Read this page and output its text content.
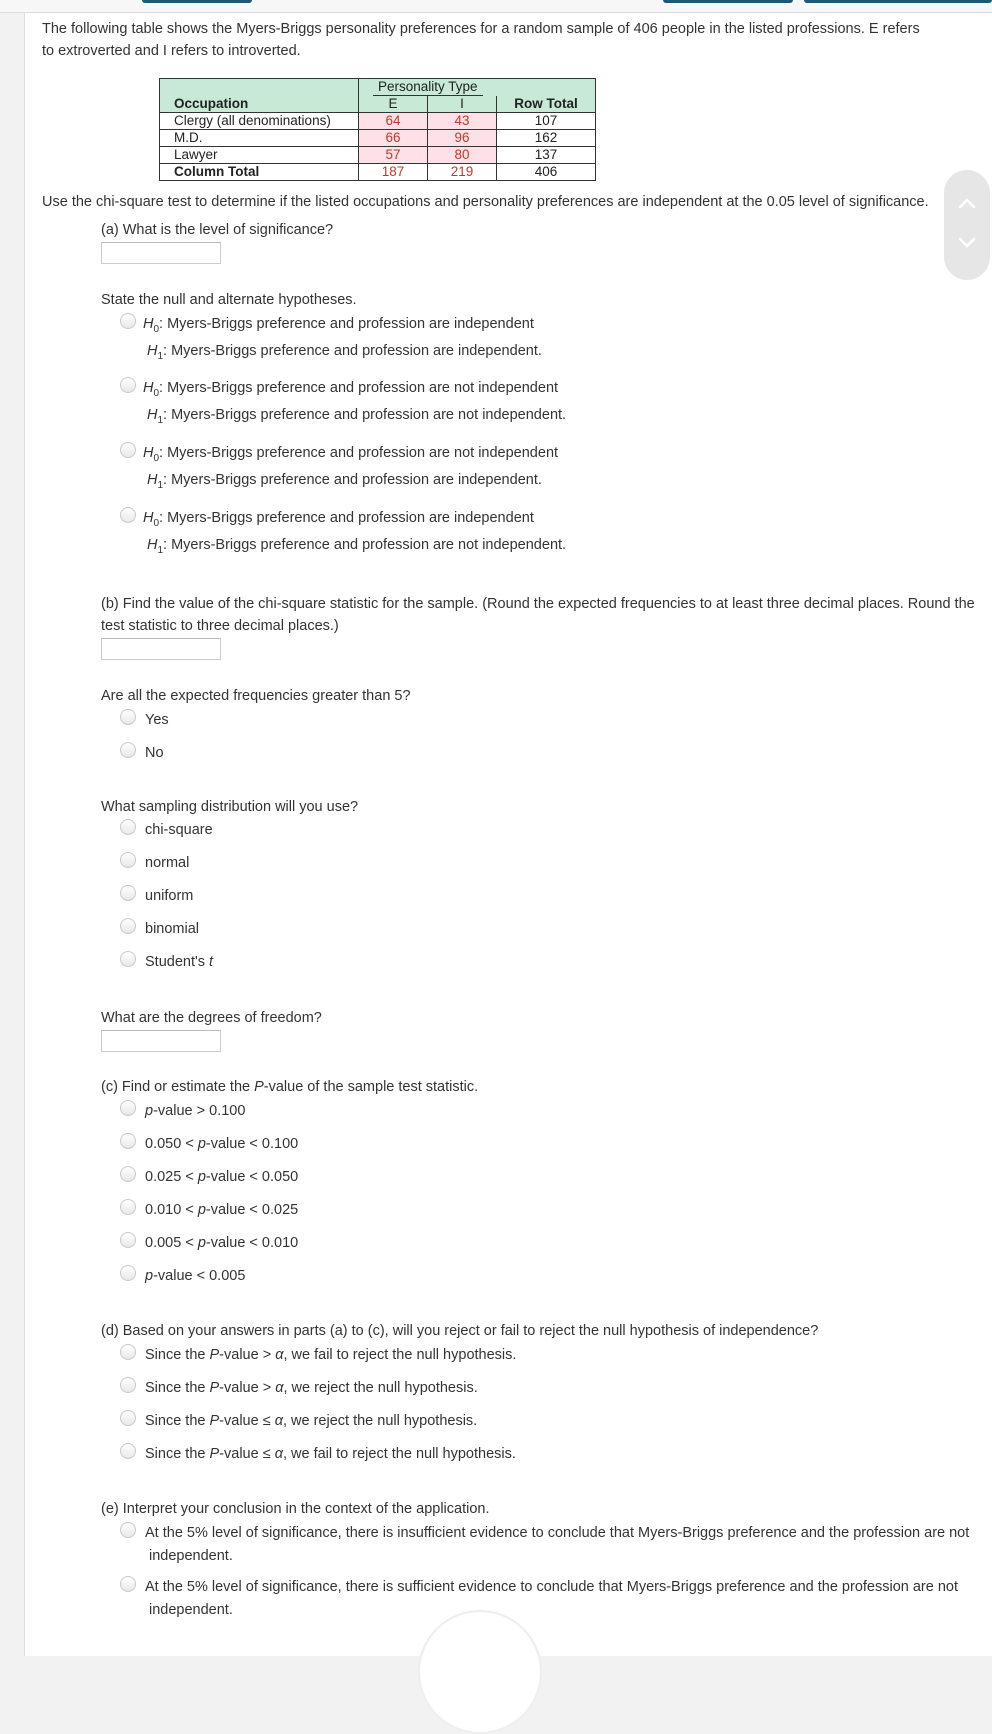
The following table shows the Myers-Briggs personality preferences for a random sample of 406 people in the listed professions. E refers to extroverted and I refers to introverted.

	Personality Type		

Occupation	E	I	Row Total
Clergy (all denominations)	64	43	107
M.D.	66	96	162
Lawyer	57	80	137
Column Total	187	219	406

Use the chi-square test to determine if the listed occupations and personality preferences are independent at the 0.05 level of significance.

(a) What is the level of significance?

State the null and alternate hypotheses.

$H_0$: Myers-Briggs preference and profession are independent
$H_1$: Myers-Briggs preference and profession are independent.
$H_0$: Myers-Briggs preference and profession are not independent
$H_1$: Myers-Briggs preference and profession are not independent.
$H_0$: Myers-Briggs preference and profession are not independent
$H_1$: Myers-Briggs preference and profession are independent.
$H_0$: Myers-Briggs preference and profession are independent
$H_1$: Myers-Briggs preference and profession are not independent.

(b) Find the value of the chi-square statistic for the sample. (Round the expected frequencies to at least three decimal places. Round the

test statistic to three decimal places.)

Are all the expected frequencies greater than 5?

Yes
No

What sampling distribution will you use?

chi-square
normal
uniform
binomial
Student's t

What are the degrees of freedom?

(c) Find or estimate the P-value of the sample test statistic.

p-value > 0.100
0.050 < p-value < 0.100
0.025 < p-value < 0.050
0.010 < p-value < 0.025
0.005 < p-value < 0.010
p-value < 0.005

(d) Based on your answers in parts (a) to (c), will you reject or fail to reject the null hypothesis of independence?

Since the P-value > α, we fail to reject the null hypothesis.
Since the P-value > α, we reject the null hypothesis.
Since the P-value ≤ α, we reject the null hypothesis.
Since the P-value ≤ α, we fail to reject the null hypothesis.

(e) Interpret your conclusion in the context of the application.

At the 5% level of significance, there is insufficient evidence to conclude that Myers-Briggs preference and the profession are not
independent.
At the 5% level of significance, there is sufficient evidence to conclude that Myers-Briggs preference and the profession are not
independent.
